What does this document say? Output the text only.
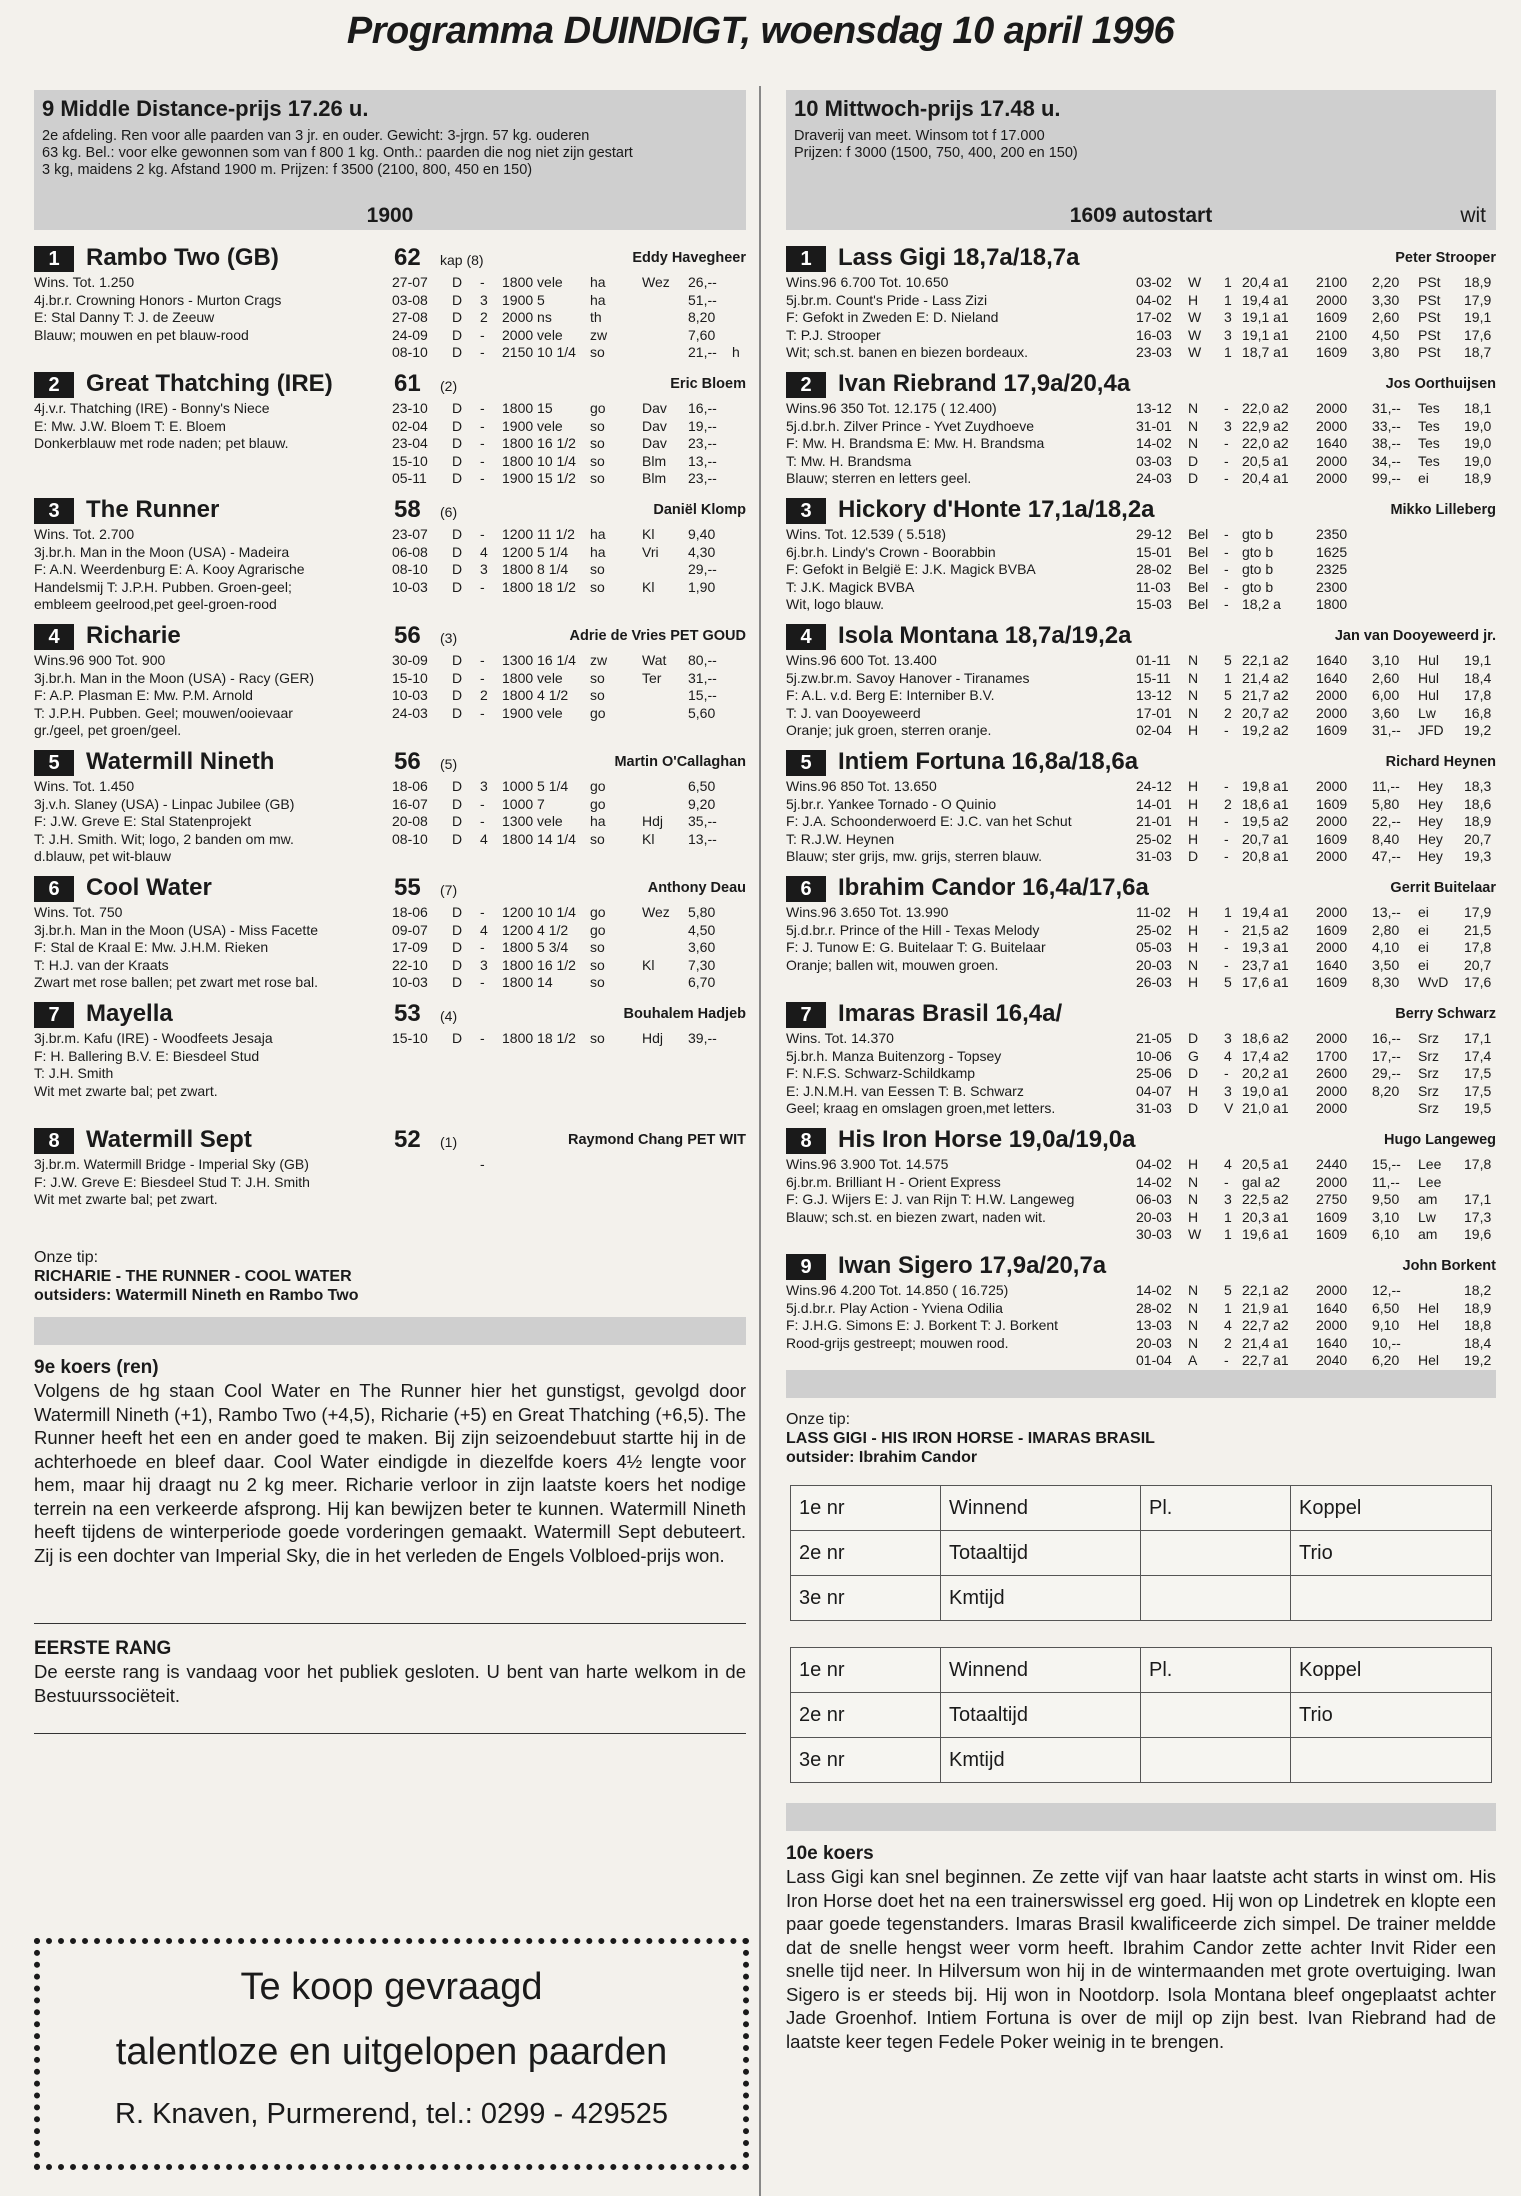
Programma DUINDIGT, woensdag 10 april 1996
9 Middle Distance-prijs 17.26 u.
2e afdeling. Ren voor alle paarden van 3 jr. en ouder. Gewicht: 3-jrgn. 57 kg. ouderen
63 kg. Bel.: voor elke gewonnen som van f 800 1 kg. Onth.: paarden die nog niet zijn gestart
3 kg, maidens 2 kg. Afstand 1900 m. Prijzen: f 3500 (2100, 800, 450 en 150)
1900
1	Rambo Two (GB)	62 kap (8)	Eddy Havegheer
Wins. Tot. 1.250
4j.br.r. Crowning Honors - Murton Crags
E: Stal Danny T: J. de Zeeuw
Blauw; mouwen en pet blauw-rood
27-07 D - 1800 vele ha	Wez 26,--
03-08 D 3 1900 5	ha	51,--
27-08 D 2 2000 ns	th	8,20
24-09 D - 2000 vele zw	7,60
08-10 D - 2150 10 1/4 so	21,-- h
2	Great Thatching (IRE)	61 (2)	Eric Bloem
4j.v.r. Thatching (IRE) - Bonny's Niece
E: Mw. J.W. Bloem T: E. Bloem
Donkerblauw met rode naden; pet blauw.
23-10 D - 1800 15	go	Dav 16,--
02-04 D - 1900 vele so	Dav 19,--
23-04 D - 1800 16 1/2 so	Dav 23,--
15-10 D - 1800 10 1/4 so	Blm 13,--
05-11 D - 1900 15 1/2 so	Blm 23,--
3	The Runner	58 (6)	Daniël Klomp
Wins. Tot. 2.700
3j.br.h. Man in the Moon (USA) - Madeira
F: A.N. Weerdenburg E: A. Kooy Agrarische
Handelsmij T: J.P.H. Pubben. Groen-geel;
embleem geelrood,pet geel-groen-rood
23-07 D - 1200 11 1/2 ha	Kl 9,40
06-08 D 4 1200 5 1/4 ha	Vri 4,30
08-10 D 3 1800 8 1/4 so	29,--
10-03 D - 1800 18 1/2 so	Kl 1,90
4	Richarie	56 (3)	Adrie de Vries PET GOUD
Wins.96 900 Tot. 900
3j.br.h. Man in the Moon (USA) - Racy (GER)
F: A.P. Plasman E: Mw. P.M. Arnold
T: J.P.H. Pubben. Geel; mouwen/ooievaar
gr./geel, pet groen/geel.
30-09 D - 1300 16 1/4 zw Wat 80,--
15-10 D - 1800 vele so	Ter 31,--
10-03 D 2 1800 4 1/2 so	15,--
24-03 D - 1900 vele go	5,60
5	Watermill Nineth	56 (5)	Martin O'Callaghan
Wins. Tot. 1.450
3j.v.h. Slaney (USA) - Linpac Jubilee (GB)
F: J.W. Greve E: Stal Statenprojekt
T: J.H. Smith. Wit; logo, 2 banden om mw.
d.blauw, pet wit-blauw
18-06 D 3 1000 5 1/4 go	6,50
16-07 D - 1000 7	go	9,20
20-08 D - 1300 vele ha	Hdj 35,--
08-10 D 4 1800 14 1/4 so	Kl 13,--
6	Cool Water	55 (7)	Anthony Deau
Wins. Tot. 750
3j.br.h. Man in the Moon (USA) - Miss Facette
F: Stal de Kraal E: Mw. J.H.M. Rieken
T: H.J. van der Kraats
Zwart met rose ballen; pet zwart met rose bal.
18-06 D - 1200 10 1/4 go	Wez 5,80
09-07 D 4 1200 4 1/2 go	4,50
17-09 D - 1800 5 3/4 so	3,60
22-10 D 3 1800 16 1/2 so	Kl 7,30
10-03 D - 1800 14	so	6,70
7	Mayella	53 (4)	Bouhalem Hadjeb
3j.br.m. Kafu (IRE) - Woodfeets Jesaja
F: H. Ballering B.V. E: Biesdeel Stud
T: J.H. Smith
Wit met zwarte bal; pet zwart.
15-10 D - 1800 18 1/2 so	Hdj 39,--
8	Watermill Sept	52 (1)	Raymond Chang PET WIT
3j.br.m. Watermill Bridge - Imperial Sky (GB)
F: J.W. Greve E: Biesdeel Stud T: J.H. Smith
Wit met zwarte bal; pet zwart.
-
Onze tip:
RICHARIE - THE RUNNER - COOL WATER
outsiders: Watermill Nineth en Rambo Two
9e koers (ren)

Volgens de hg staan Cool Water en The Runner hier het gunstigst, gevolgd door Watermill Nineth (+1), Rambo Two (+4,5), Richarie (+5) en Great Thatching (+6,5). The Runner heeft het een en ander goed te maken. Bij zijn seizoendebuut startte hij in de achterhoede en bleef daar. Cool Water eindigde in diezelfde koers 4½ lengte voor hem, maar hij draagt nu 2 kg meer. Richarie verloor in zijn laatste koers het nodige terrein na een verkeerde afsprong. Hij kan bewijzen beter te kunnen. Watermill Nineth heeft tijdens de winterperiode goede vorderingen gemaakt. Watermill Sept debuteert. Zij is een dochter van Imperial Sky, die in het verleden de Engels Volbloed-prijs won.

EERSTE RANG

De eerste rang is vandaag voor het publiek gesloten. U bent van harte welkom in de Bestuurssociëteit.

Te koop gevraagd
talentloze en uitgelopen paarden
R. Knaven, Purmerend, tel.: 0299 - 429525
10 Mittwoch-prijs 17.48 u.
Draverij van meet. Winsom tot f 17.000
Prijzen: f 3000 (1500, 750, 400, 200 en 150)
1609 autostart	wit
1	Lass Gigi 18,7a/18,7a	Peter Strooper
Wins.96 6.700 Tot. 10.650
5j.br.m. Count's Pride - Lass Zizi
F: Gefokt in Zweden E: D. Nieland
T: P.J. Strooper
Wit; sch.st. banen en biezen bordeaux.
03-02 W 1 20,4 a1 2100 2,20 PSt 18,9
04-02 H 1 19,4 a1 2000 3,30 PSt 17,9
17-02 W 3 19,1 a1 1609 2,60 PSt 19,1
16-03 W 3 19,1 a1 2100 4,50 PSt 17,6
23-03 W 1 18,7 a1 1609 3,80 PSt 18,7
2	Ivan Riebrand 17,9a/20,4a	Jos Oorthuijsen
Wins.96 350 Tot. 12.175 ( 12.400)
5j.d.br.h. Zilver Prince - Yvet Zuydhoeve
F: Mw. H. Brandsma E: Mw. H. Brandsma
T: Mw. H. Brandsma
Blauw; sterren en letters geel.
13-12 N - 22,0 a2 2000 31,-- Tes 18,1
31-01 N 3 22,9 a2 2000 33,-- Tes 19,0
14-02 N - 22,0 a2 1640 38,-- Tes 19,0
03-03 D - 20,5 a1 2000 34,-- Tes 19,0
24-03 D - 20,4 a1 2000 99,-- ei	18,9
3	Hickory d'Honte 17,1a/18,2a	Mikko Lilleberg
Wins. Tot. 12.539 ( 5.518)
6j.br.h. Lindy's Crown - Boorabbin
F: Gefokt in België E: J.K. Magick BVBA
T: J.K. Magick BVBA
Wit, logo blauw.
29-12 Bel - gto b	2350
15-01 Bel - gto b	1625
28-02 Bel - gto b	2325
11-03 Bel - gto b	2300
15-03 Bel - 18,2 a	1800
4	Isola Montana 18,7a/19,2a	Jan van Dooyeweerd jr.
Wins.96 600 Tot. 13.400
5j.zw.br.m. Savoy Hanover - Tiranames
F: A.L. v.d. Berg E: Interniber B.V.
T: J. van Dooyeweerd
Oranje; juk groen, sterren oranje.
01-11 N 5 22,1 a2 1640 3,10 Hul 19,1
15-11 N 1 21,4 a2 1640 2,60 Hul 18,4
13-12 N 5 21,7 a2 2000 6,00 Hul 17,8
17-01 N 2 20,7 a2 2000 3,60 Lw 16,8
02-04 H - 19,2 a2 1609 31,-- JFD 19,2
5	Intiem Fortuna 16,8a/18,6a	Richard Heynen
Wins.96 850 Tot. 13.650
5j.br.r. Yankee Tornado - O Quinio
F: J.A. Schoonderwoerd E: J.C. van het Schut
T: R.J.W. Heynen
Blauw; ster grijs, mw. grijs, sterren blauw.
24-12 H - 19,8 a1 2000 11,-- Hey 18,3
14-01 H 2 18,6 a1 1609 5,80 Hey 18,6
21-01 H - 19,5 a2 2000 22,-- Hey 18,9
25-02 H - 20,7 a1 1609 8,40 Hey 20,7
31-03 D - 20,8 a1 2000 47,-- Hey 19,3
6	Ibrahim Candor 16,4a/17,6a	Gerrit Buitelaar
Wins.96 3.650 Tot. 13.990
5j.d.br.r. Prince of the Hill - Texas Melody
F: J. Tunow E: G. Buitelaar T: G. Buitelaar
Oranje; ballen wit, mouwen groen.
11-02 H 1 19,4 a1 2000 13,-- ei	17,9
25-02 H - 21,5 a2 1609 2,80 ei	21,5
05-03 H - 19,3 a1 2000 4,10 ei	17,8
20-03 N - 23,7 a1 1640 3,50 ei	20,7
26-03 H 5 17,6 a1 1609 8,30 WvD 17,6
7	Imaras Brasil 16,4a/	Berry Schwarz
Wins. Tot. 14.370
5j.br.h. Manza Buitenzorg - Topsey
F: N.F.S. Schwarz-Schildkamp
E: J.N.M.H. van Eessen T: B. Schwarz
Geel; kraag en omslagen groen,met letters.
21-05 D 3 18,6 a2 2000 16,-- Srz 17,1
10-06 G 4 17,4 a2 1700 17,-- Srz 17,4
25-06 D - 20,2 a1 2600 29,-- Srz 17,5
04-07 H 3 19,0 a1 2000 8,20 Srz 17,5
31-03 D V 21,0 a1 2000	Srz 19,5
8	His Iron Horse 19,0a/19,0a	Hugo Langeweg
Wins.96 3.900 Tot. 14.575
6j.br.m. Brilliant H - Orient Express
F: G.J. Wijers E: J. van Rijn T: H.W. Langeweg
Blauw; sch.st. en biezen zwart, naden wit.
04-02 H 4 20,5 a1 2440 15,-- Lee 17,8
14-02 N - gal a2	2000 11,-- Lee
06-03 N 3 22,5 a2 2750 9,50 am 17,1
20-03 H 1 20,3 a1 1609 3,10 Lw 17,3
30-03 W 1 19,6 a1 1609 6,10 am 19,6
9	Iwan Sigero 17,9a/20,7a	John Borkent
Wins.96 4.200 Tot. 14.850 ( 16.725)
5j.d.br.r. Play Action - Yviena Odilia
F: J.H.G. Simons E: J. Borkent T: J. Borkent
Rood-grijs gestreept; mouwen rood.
14-02 N 5 22,1 a2 2000 12,--	18,2
28-02 N 1 21,9 a1 1640 6,50 Hel 18,9
13-03 N 4 22,7 a2 2000 9,10 Hel 18,8
20-03 N 2 21,4 a1 1640 10,--	18,4
01-04 A - 22,7 a1 2040 6,20 Hel 19,2
Onze tip:
LASS GIGI - HIS IRON HORSE - IMARAS BRASIL
outsider: Ibrahim Candor
1e nr	Winnend	Pl.	Koppel
2e nr	Totaaltijd		Trio
3e nr	Kmtijd		
1e nr	Winnend	Pl.	Koppel
2e nr	Totaaltijd		Trio
3e nr	Kmtijd		
10e koers

Lass Gigi kan snel beginnen. Ze zette vijf van haar laatste acht starts in winst om. His Iron Horse doet het na een trainerswissel erg goed. Hij won op Lindetrek en klopte een paar goede tegenstanders. Imaras Brasil kwalificeerde zich simpel. De trainer meldde dat de snelle hengst weer vorm heeft. Ibrahim Candor zette achter Invit Rider een snelle tijd neer. In Hilversum won hij in de wintermaanden met grote overtuiging. Iwan Sigero is er steeds bij. Hij won in Nootdorp. Isola Montana bleef ongeplaatst achter Jade Groenhof. Intiem Fortuna is over de mijl op zijn best. Ivan Riebrand had de laatste keer tegen Fedele Poker weinig in te brengen.
